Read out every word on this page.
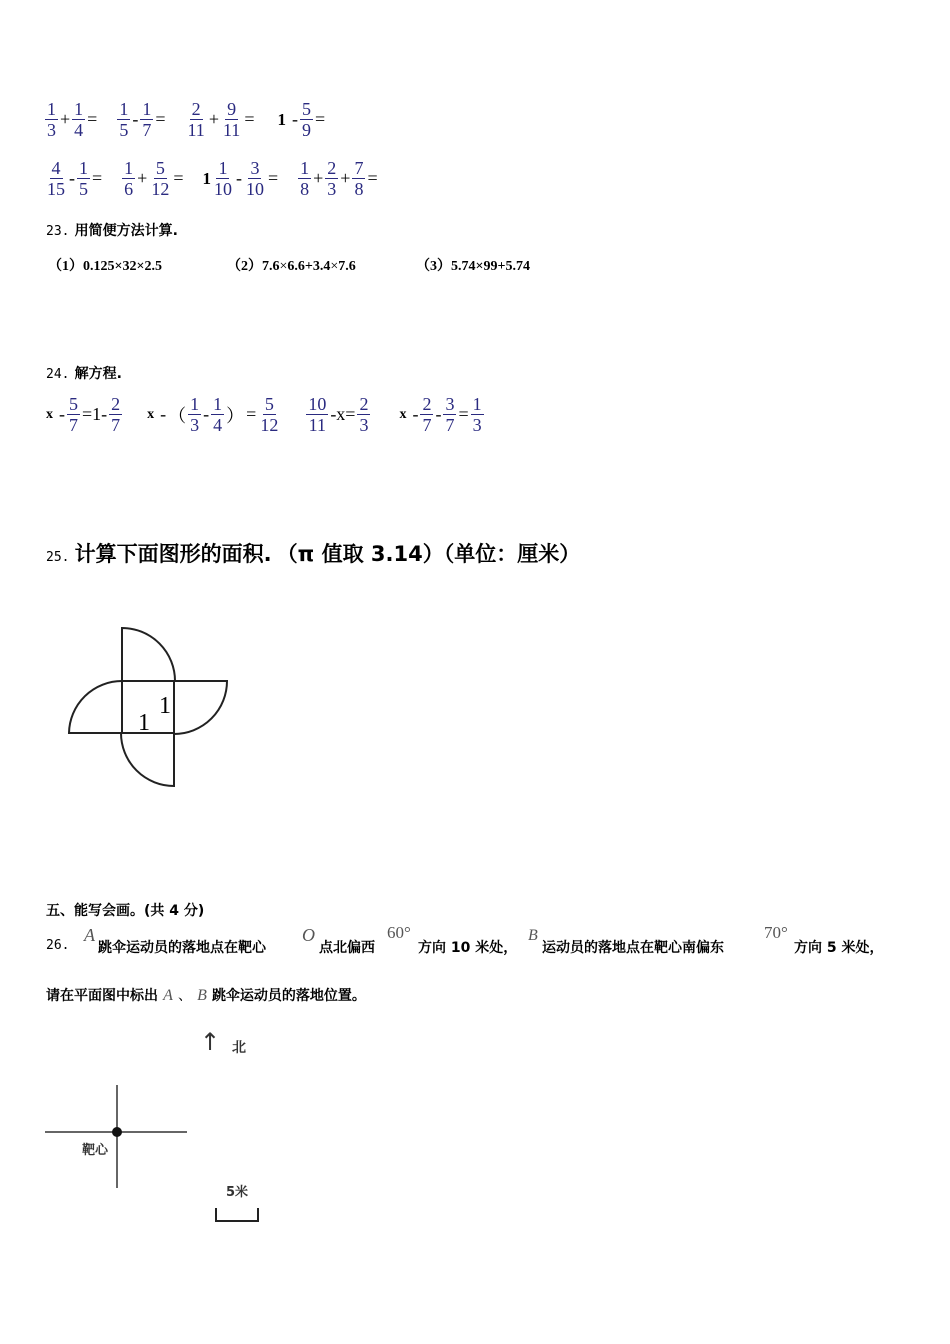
$\frac{1}{3} + \frac{1}{4} = \frac{1}{5} - \frac{1}{7} = \frac{2}{11} + \frac{9}{11} = 1 - \frac{5}{9}$ =
$\frac{4}{15} - \frac{1}{5} = \frac{1}{6} + \frac{5}{12} = 1 \frac{1}{10} - \frac{3}{10} = \frac{1}{8} + \frac{2}{3} + \frac{7}{8}$ =
23. 用简便方法计算.
（1）0.125×32×2.5	（2）7.6×6.6+3.4×7.6	（3）5.74×99+5.74
24. 解方程.
$x - \frac{5}{7} =1- \frac{2}{7}$ x - （ $\frac{1}{3} - \frac{1}{4}$ ） = $\frac{5}{12} \frac{10}{11} -x= \frac{2}{3}$ $x - \frac{2}{7} - \frac{3}{7} = \frac{1}{3}$
25. 计算下面图形的面积. （π 值取 3.14）（单位：厘米）
1
1
五、能写会画。(共 4 分)
26.
A
跳伞运动员的落地点在靶心
O
点北偏西
60°
方向 10 米处，
B
运动员的落地点在靶心南偏东
70°
方向 5 米处，
请在平面图中标出 A 、 B 跳伞运动员的落地位置。
↑ 北
靶心
5米
